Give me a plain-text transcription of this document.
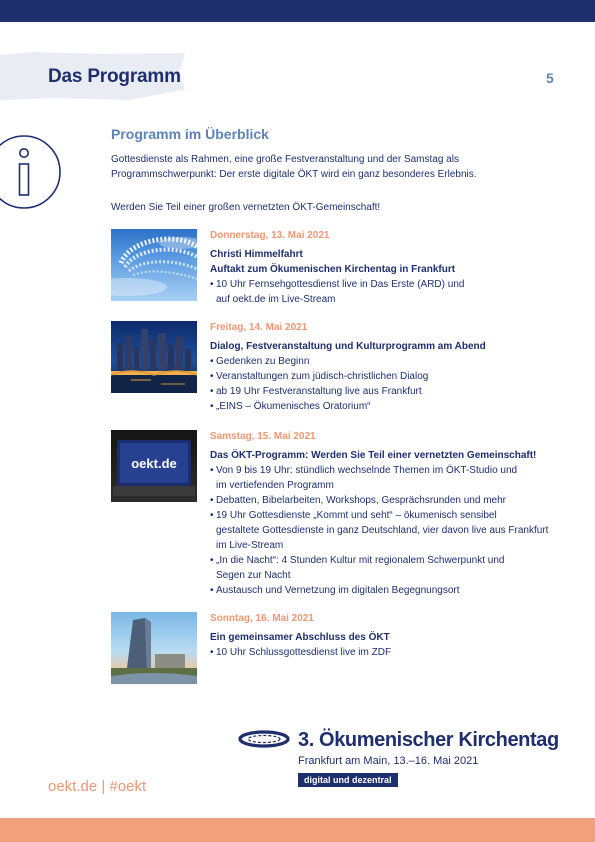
Das Programm	5
Programm im Überblick

Gottesdienste als Rahmen, eine große Festveranstaltung und der Samstag als Programmschwerpunkt: Der erste digitale ÖKT wird ein ganz besonderes Erlebnis.

Werden Sie Teil einer großen vernetzten ÖKT-Gemeinschaft!

Donnerstag, 13. Mai 2021

Christi Himmelfahrt

Auftakt zum Ökumenischen Kirchentag in Frankfurt

• 10 Uhr Fernsehgottesdienst live in Das Erste (ARD) und
auf oekt.de im Live-Stream

Freitag, 14. Mai 2021

Dialog, Festveranstaltung und Kulturprogramm am Abend

• Gedenken zu Beginn
• Veranstaltungen zum jüdisch-christlichen Dialog
• ab 19 Uhr Festveranstaltung live aus Frankfurt
• „EINS – Ökumenisches Oratorium“
oekt.de

Samstag, 15. Mai 2021

Das ÖKT-Programm: Werden Sie Teil einer vernetzten Gemeinschaft!

• Von 9 bis 19 Uhr: stündlich wechselnde Themen im ÖKT-Studio und
im vertiefenden Programm
• Debatten, Bibelarbeiten, Workshops, Gesprächsrunden und mehr
• 19 Uhr Gottesdienste „Kommt und seht“ – ökumenisch sensibel
gestaltete Gottesdienste in ganz Deutschland, vier davon live aus Frankfurt
im Live-Stream
• „In die Nacht“: 4 Stunden Kultur mit regionalem Schwerpunkt und
Segen zur Nacht
• Austausch und Vernetzung im digitalen Begegnungsort

Sonntag, 16. Mai 2021

Ein gemeinsamer Abschluss des ÖKT

• 10 Uhr Schlussgottesdienst live im ZDF

3. Ökumenischer Kirchentag

Frankfurt am Main, 13.–16. Mai 2021

digital und dezentral

oekt.de | #oekt
